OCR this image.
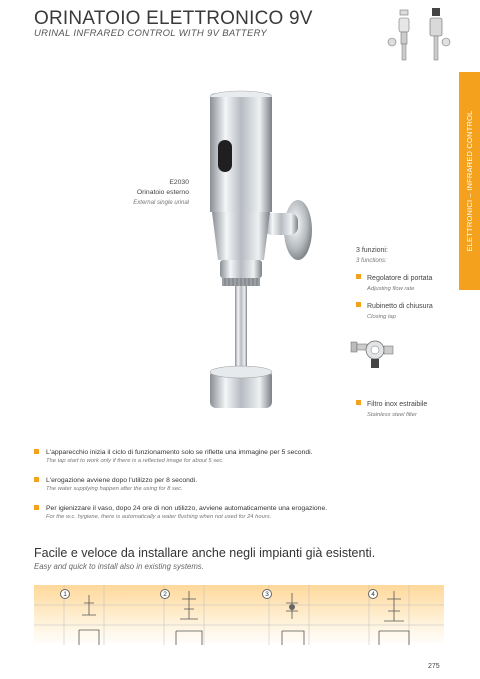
ORINATOIO ELETTRONICO 9V
URINAL INFRARED CONTROL WITH 9V BATTERY
ELETTRONICI – INFRARED CONTROL
E2030
Orinatoio esterno
External single urinal
3 funzioni:
3 functions:
Regolatore di portata
Adjusting flow rate
Rubinetto di chiusura
Closing tap
Filtro inox estraibile
Stainless steel filter
L'apparecchio inizia il ciclo di funzionamento solo se riflette una immagine per 5 secondi.
The tap start to work only if there is a reflected image for about 5 sec.
L'erogazione avviene dopo l'utilizzo per 8 secondi.
The water supplying happen after the using for 8 sec.
Per igienizzare il vaso, dopo 24 ore di non utilizzo, avviene automaticamente una erogazione.
For the w.c. hygiene, there is automatically a water flushing when not used for 24 hours.
Facile e veloce da installare anche negli impianti già esistenti.
Easy and quick to install also in existing systems.
1	2	3	4
275
